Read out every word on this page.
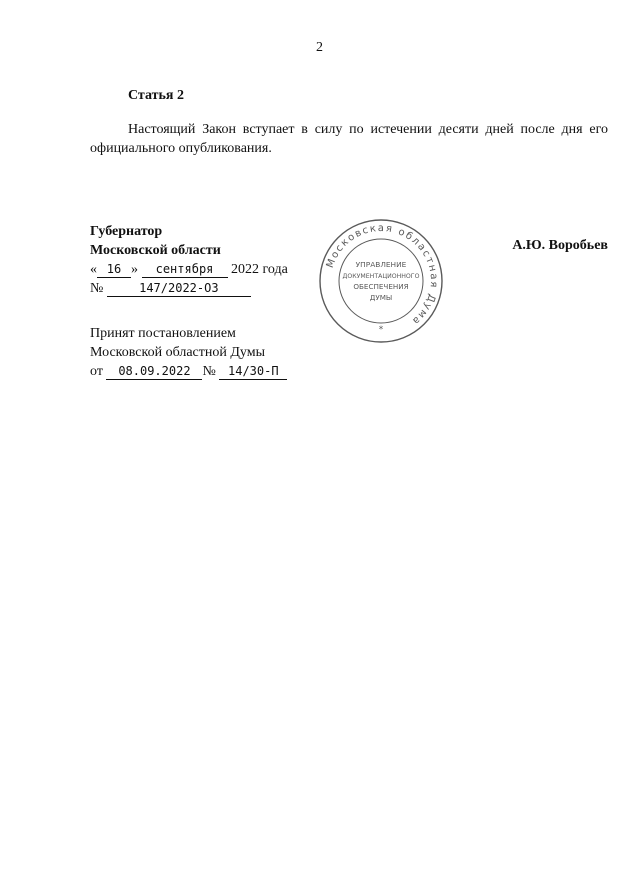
2
Статья 2
Настоящий Закон вступает в силу по истечении десяти дней после дня его официального опубликования.
Губернатор
Московской области
« 16 » сентября 2022 года
№	147/2022-ОЗ
Московская областная Дума
УПРАВЛЕНИЕ
ДОКУМЕНТАЦИОННОГО
ОБЕСПЕЧЕНИЯ
ДУМЫ
*
А.Ю. Воробьев
Принят постановлением
Московской областной Думы
от 08.09.2022 № 14/30-П
